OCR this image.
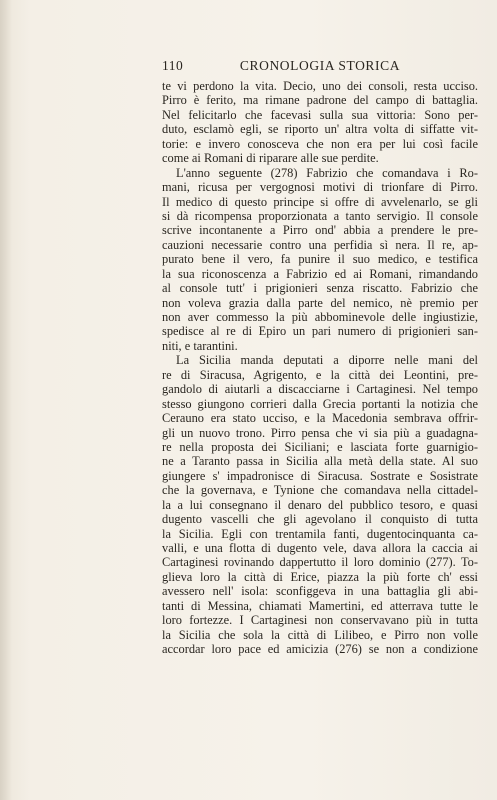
110	CRONOLOGIA STORICA
te vi perdono la vita. Decio, uno dei consoli, resta ucciso.
Pirro è ferito, ma rimane padrone del campo di battaglia.
Nel felicitarlo che facevasi sulla sua vittoria: Sono per-
duto, esclamò egli, se riporto un' altra volta di siffatte vit-
torie: e invero conosceva che non era per lui così facile
come ai Romani di riparare alle sue perdite.
L'anno seguente (278) Fabrizio che comandava i Ro-
mani, ricusa per vergognosi motivi di trionfare di Pirro.
Il medico di questo principe si offre di avvelenarlo, se gli
si dà ricompensa proporzionata a tanto servigio. Il console
scrive incontanente a Pirro ond' abbia a prendere le pre-
cauzioni necessarie contro una perfidia sì nera. Il re, ap-
purato bene il vero, fa punire il suo medico, e testifica
la sua riconoscenza a Fabrizio ed ai Romani, rimandando
al console tutt' i prigionieri senza riscatto. Fabrizio che
non voleva grazia dalla parte del nemico, nè premio per
non aver commesso la più abbominevole delle ingiustizie,
spedisce al re di Epiro un pari numero di prigionieri san-
niti, e tarantini.
La Sicilia manda deputati a diporre nelle mani del
re di Siracusa, Agrigento, e la città dei Leontini, pre-
gandolo di aiutarli a discacciarne i Cartaginesi. Nel tempo
stesso giungono corrieri dalla Grecia portanti la notizia che
Cerauno era stato ucciso, e la Macedonia sembrava offrir-
gli un nuovo trono. Pirro pensa che vi sia più a guadagna-
re nella proposta dei Siciliani; e lasciata forte guarnigio-
ne a Taranto passa in Sicilia alla metà della state. Al suo
giungere s' impadronisce di Siracusa. Sostrate e Sosistrate
che la governava, e Tynione che comandava nella cittadel-
la a lui consegnano il denaro del pubblico tesoro, e quasi
dugento vascelli che gli agevolano il conquisto di tutta
la Sicilia. Egli con trentamila fanti, dugentocinquanta ca-
valli, e una flotta di dugento vele, dava allora la caccia ai
Cartaginesi rovinando dappertutto il loro dominio (277). To-
glieva loro la città di Erice, piazza la più forte ch' essi
avessero nell' isola: sconfiggeva in una battaglia gli abi-
tanti di Messina, chiamati Mamertini, ed atterrava tutte le
loro fortezze. I Cartaginesi non conservavano più in tutta
la Sicilia che sola la città di Lilibeo, e Pirro non volle
accordar loro pace ed amicizia (276) se non a condizione
